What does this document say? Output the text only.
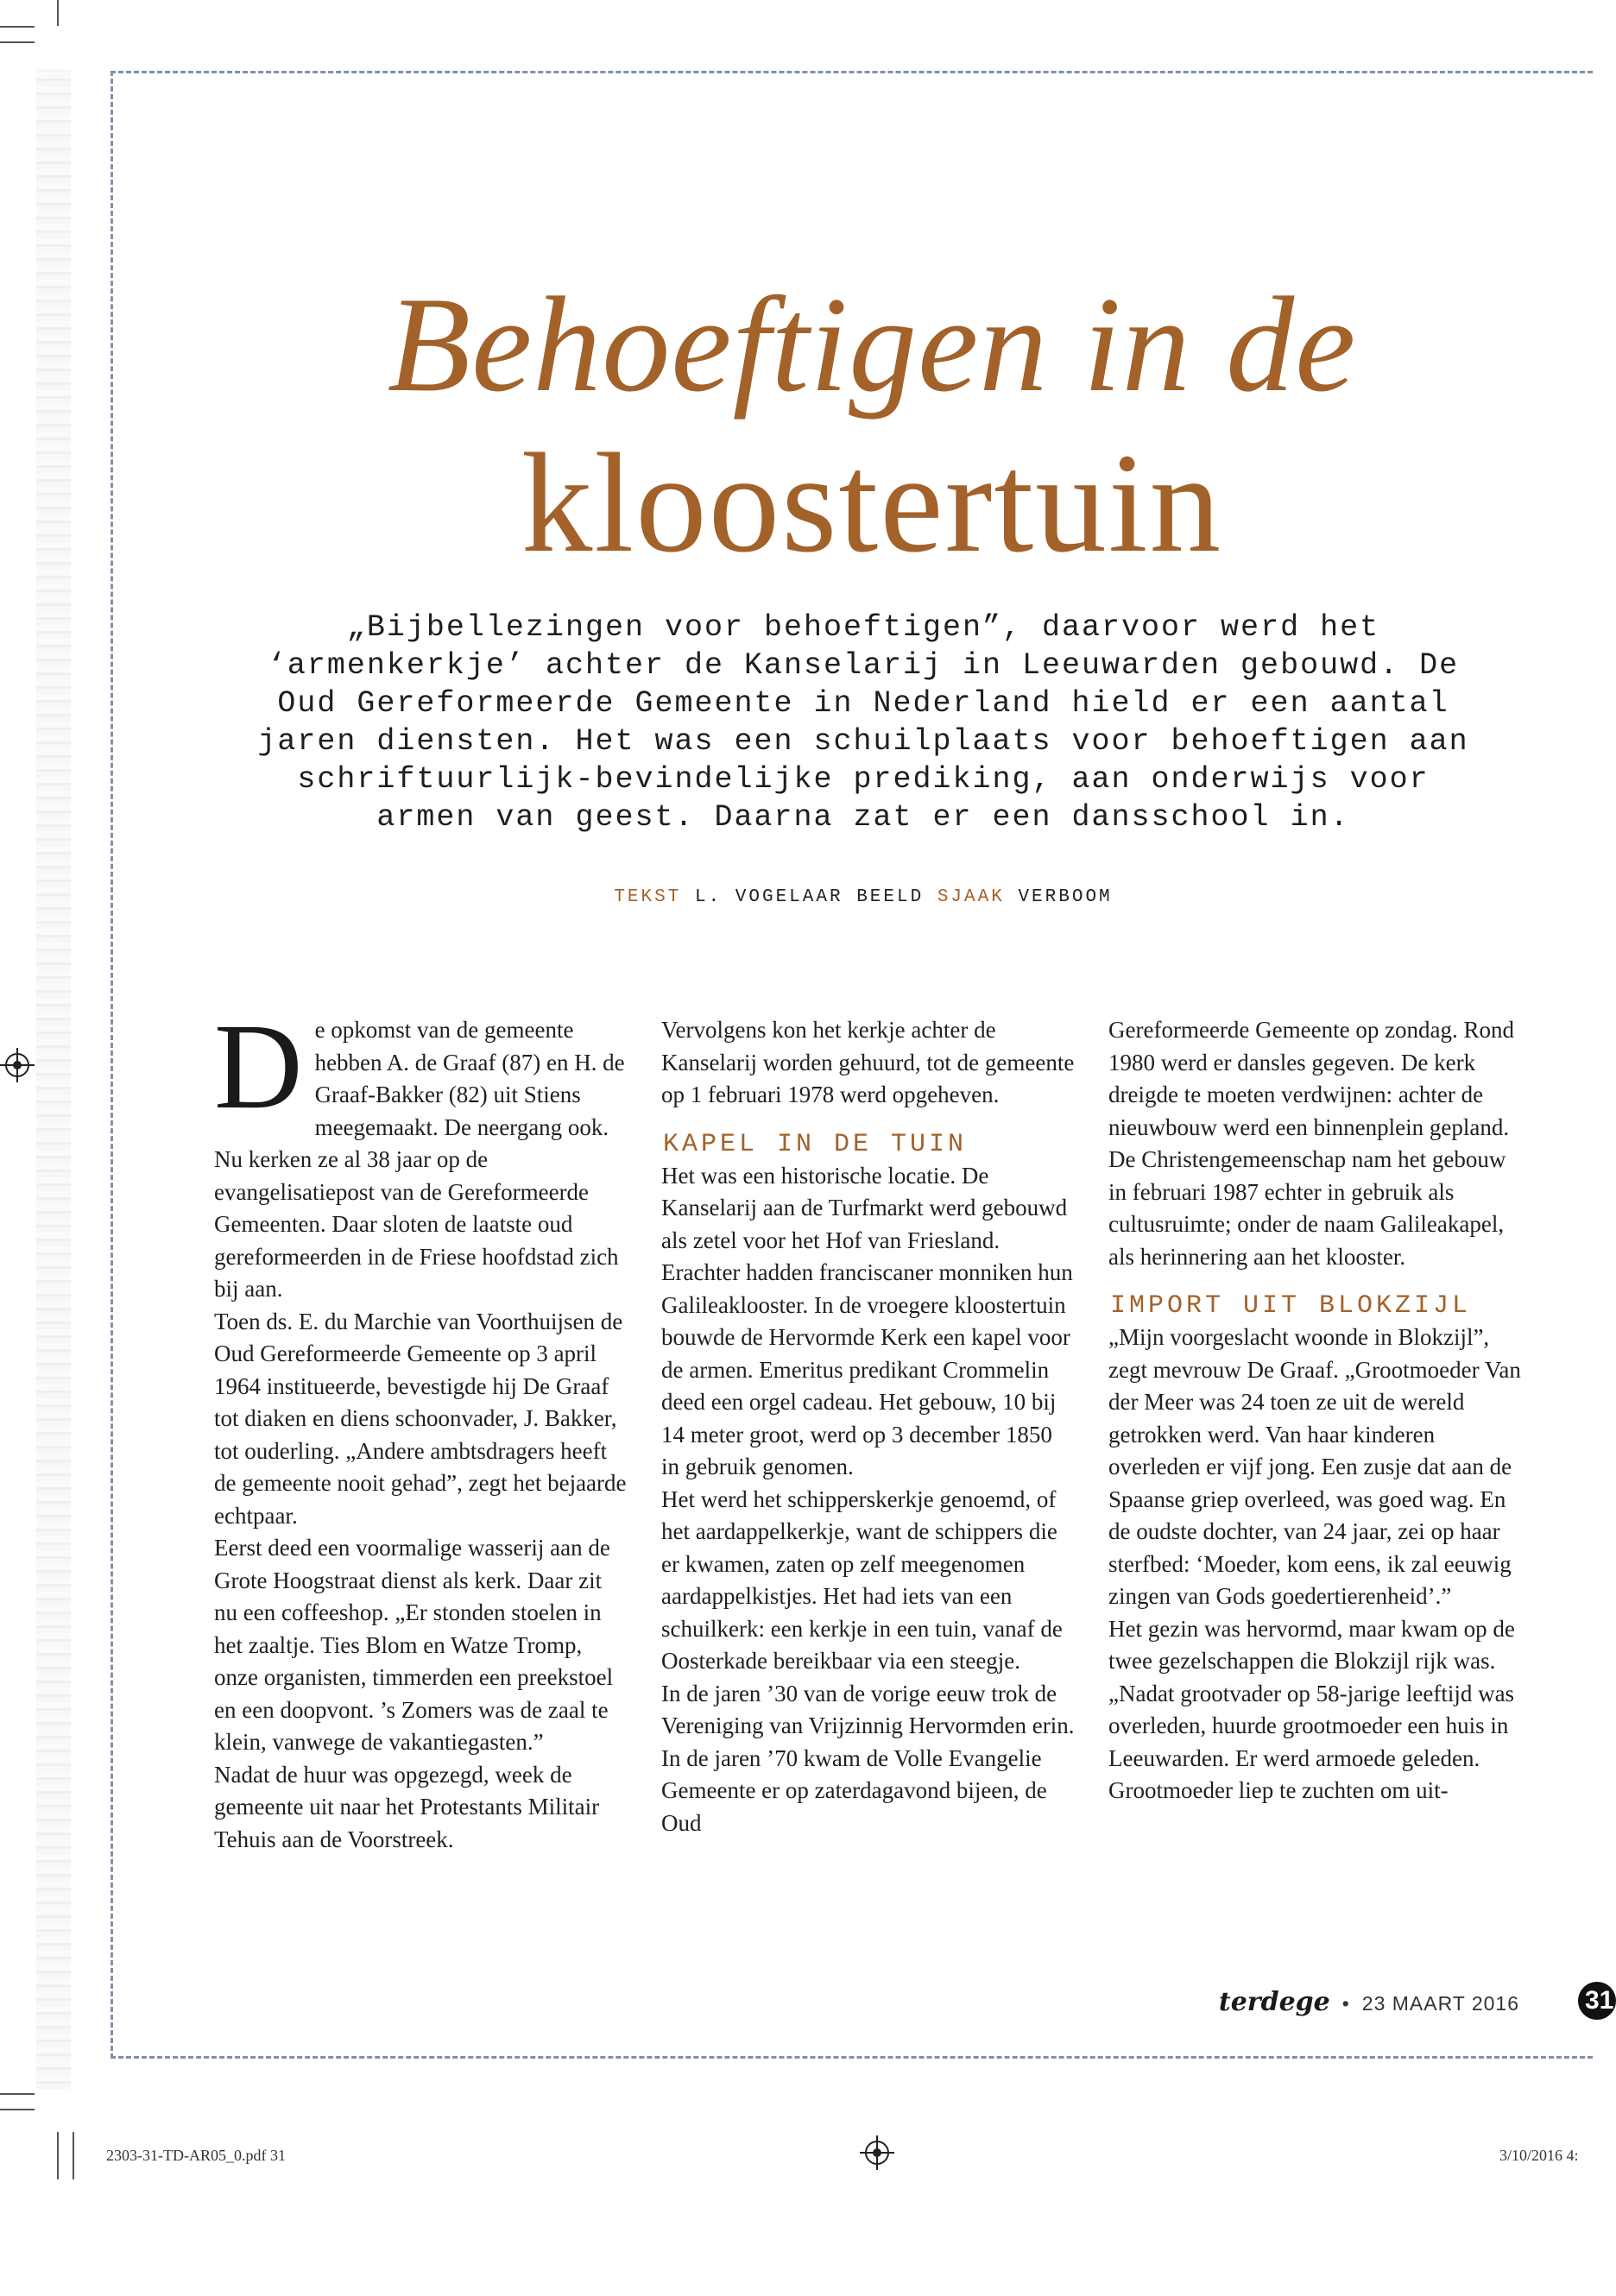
Behoeftigen in de
kloostertuin
„Bijbellezingen voor behoeftigen”, daarvoor werd het ‘armenkerkje’ achter de Kanselarij in Leeuwarden gebouwd. De Oud Gereformeerde Gemeente in Nederland hield er een aantal jaren diensten. Het was een schuilplaats voor behoeftigen aan schriftuurlijk-bevindelijke prediking, aan onderwijs voor armen van geest. Daarna zat er een dansschool in.
TEKST L. VOGELAAR BEELD SJAAK VERBOOM
D e opkomst van de gemeente hebben A. de Graaf (87) en H. de Graaf-Bakker (82) uit Stiens meegemaakt. De neergang ook. Nu kerken ze al 38 jaar op de evangelisatiepost van de Gereformeerde Gemeenten. Daar sloten de laatste oud gereformeerden in de Friese hoofdstad zich bij aan.

Toen ds. E. du Marchie van Voorthuijsen de Oud Gereformeerde Gemeente op 3 april 1964 institueerde, bevestigde hij De Graaf tot diaken en diens schoonvader, J. Bakker, tot ouderling. „Andere ambtsdragers heeft de gemeente nooit gehad”, zegt het bejaarde echtpaar.

Eerst deed een voormalige wasserij aan de Grote Hoogstraat dienst als kerk. Daar zit nu een coffeeshop. „Er stonden stoelen in het zaaltje. Ties Blom en Watze Tromp, onze organisten, timmerden een preekstoel en een doopvont. ’s Zomers was de zaal te klein, vanwege de vakantiegasten.”

Nadat de huur was opgezegd, week de gemeente uit naar het Protestants Militair Tehuis aan de Voorstreek.

Vervolgens kon het kerkje achter de Kanselarij worden gehuurd, tot de gemeente op 1 februari 1978 werd opgeheven.

KAPEL IN DE TUIN

Het was een historische locatie. De Kanselarij aan de Turfmarkt werd gebouwd als zetel voor het Hof van Friesland. Erachter hadden franciscaner monniken hun Galileaklooster. In de vroegere kloostertuin bouwde de Hervormde Kerk een kapel voor de armen. Emeritus predikant Crommelin deed een orgel cadeau. Het gebouw, 10 bij 14 meter groot, werd op 3 december 1850 in gebruik genomen.

Het werd het schipperskerkje genoemd, of het aardappelkerkje, want de schippers die er kwamen, zaten op zelf meegenomen aardappelkistjes. Het had iets van een schuilkerk: een kerkje in een tuin, vanaf de Oosterkade bereikbaar via een steegje.

In de jaren ’30 van de vorige eeuw trok de Vereniging van Vrijzinnig Hervormden erin. In de jaren ’70 kwam de Volle Evangelie Gemeente er op zaterdagavond bijeen, de Oud

Gereformeerde Gemeente op zondag. Rond 1980 werd er dansles gegeven. De kerk dreigde te moeten verdwijnen: achter de nieuwbouw werd een binnenplein gepland. De Christengemeenschap nam het gebouw in februari 1987 echter in gebruik als cultusruimte; onder de naam Galileakapel, als herinnering aan het klooster.

IMPORT UIT BLOKZIJL

„Mijn voorgeslacht woonde in Blokzijl”, zegt mevrouw De Graaf. „Grootmoeder Van der Meer was 24 toen ze uit de wereld getrokken werd. Van haar kinderen overleden er vijf jong. Een zusje dat aan de Spaanse griep overleed, was goed wag. En de oudste dochter, van 24 jaar, zei op haar sterfbed: ‘Moeder, kom eens, ik zal eeuwig zingen van Gods goedertierenheid’.”

Het gezin was hervormd, maar kwam op de twee gezelschappen die Blokzijl rijk was. „Nadat grootvader op 58-jarige leeftijd was overleden, huurde grootmoeder een huis in Leeuwarden. Er werd armoede geleden. Grootmoeder liep te zuchten om uit-

terdege • 23 MAART 2016	31
2303-31-TD-AR05_0.pdf 31	3/10/2016 4:
